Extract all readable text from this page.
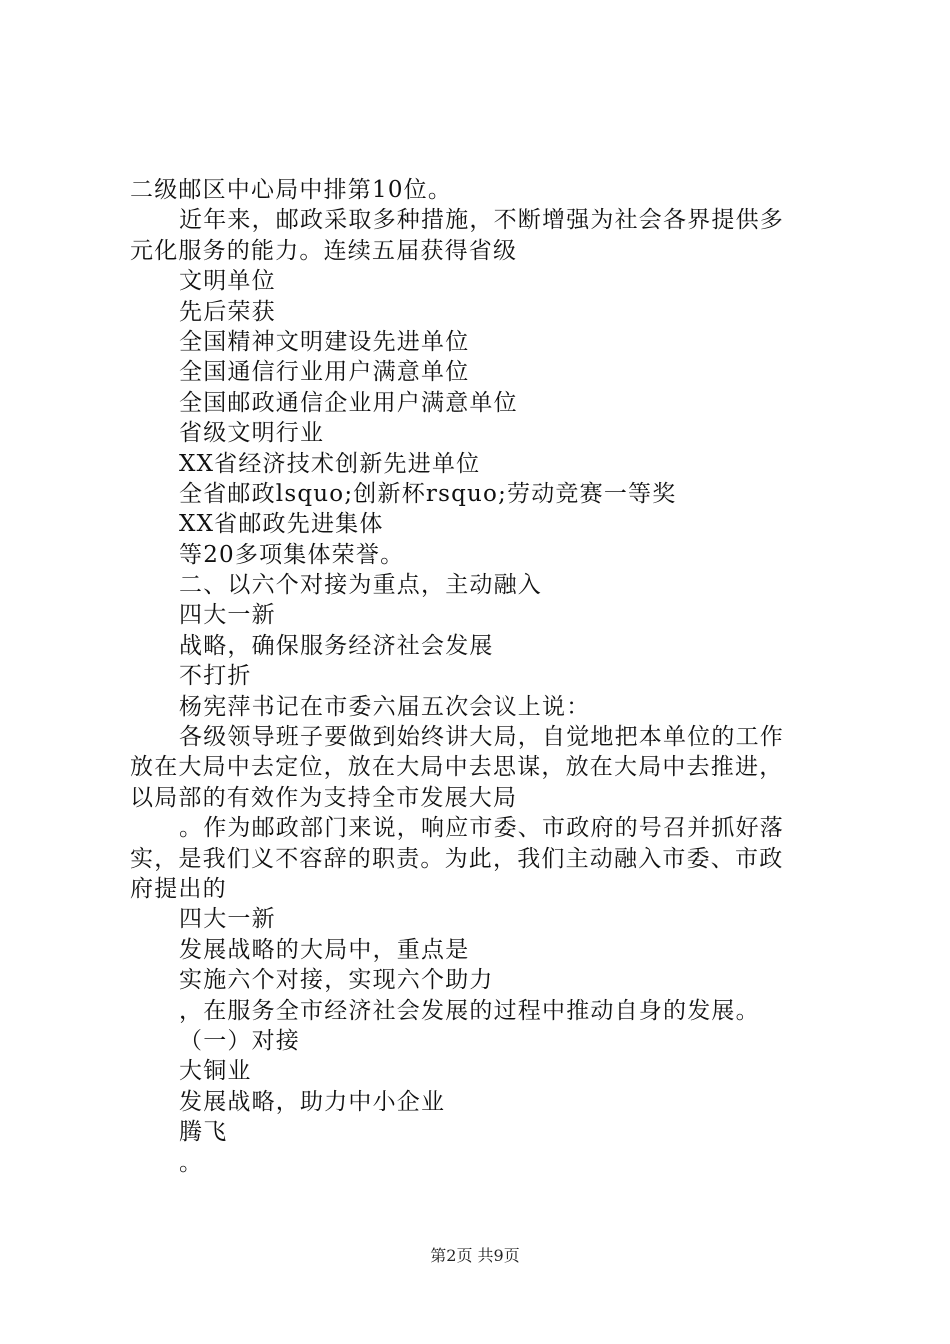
二级邮区中心局中排第10位。
近年来，邮政采取多种措施，不断增强为社会各界提供多
元化服务的能力。连续五届获得省级
文明单位
先后荣获
全国精神文明建设先进单位
全国通信行业用户满意单位
全国邮政通信企业用户满意单位
省级文明行业
XX省经济技术创新先进单位
全省邮政lsquo;创新杯rsquo;劳动竞赛一等奖
XX省邮政先进集体
等20多项集体荣誉。
二、以六个对接为重点，主动融入
四大一新
战略，确保服务经济社会发展
不打折
杨宪萍书记在市委六届五次会议上说：
各级领导班子要做到始终讲大局，自觉地把本单位的工作
放在大局中去定位，放在大局中去思谋，放在大局中去推进，
以局部的有效作为支持全市发展大局
。作为邮政部门来说，响应市委、市政府的号召并抓好落
实，是我们义不容辞的职责。为此，我们主动融入市委、市政
府提出的
四大一新
发展战略的大局中，重点是
实施六个对接，实现六个助力
，在服务全市经济社会发展的过程中推动自身的发展。
（一）对接
大铜业
发展战略，助力中小企业
腾飞
。
第2页 共9页
